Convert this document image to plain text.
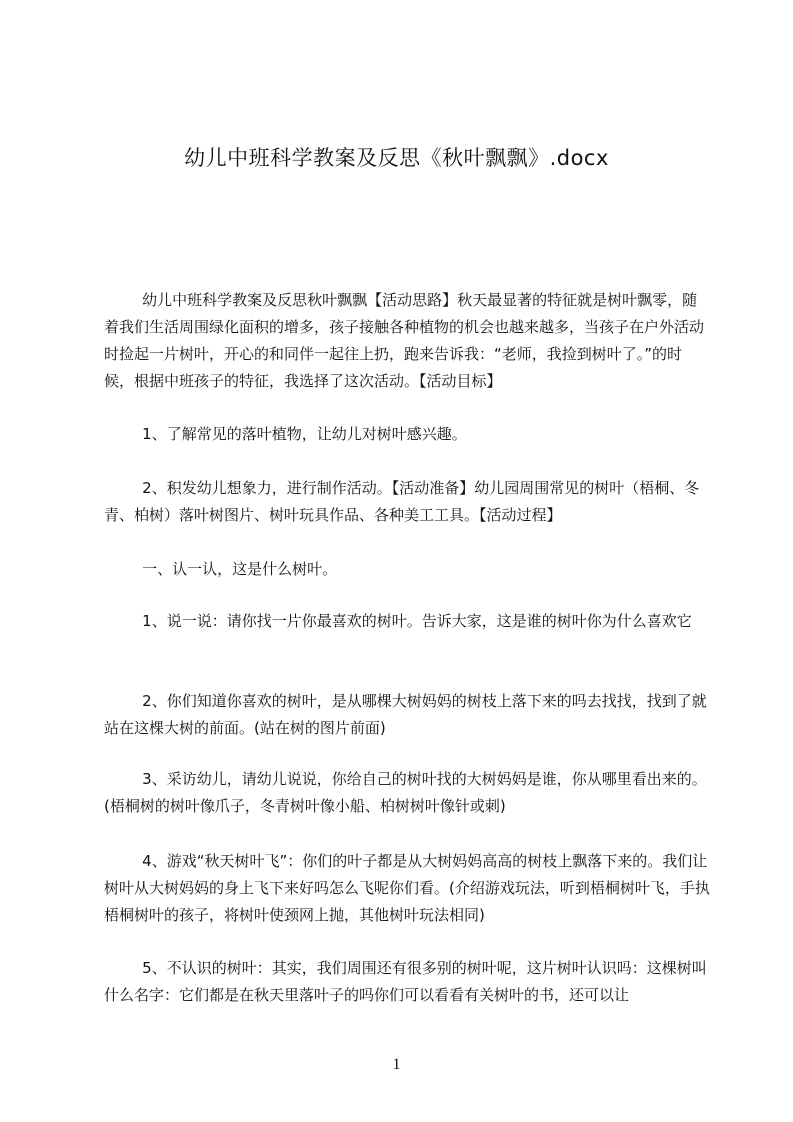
幼儿中班科学教案及反思《秋叶飘飘》.docx

幼儿中班科学教案及反思秋叶飘飘【活动思路】秋天最显著的特征就是树叶飘零，随着我们生活周围绿化面积的增多，孩子接触各种植物的机会也越来越多，当孩子在户外活动时捡起一片树叶，开心的和同伴一起往上扔，跑来告诉我：“老师，我捡到树叶了。”的时候，根据中班孩子的特征，我选择了这次活动。【活动目标】

1、了解常见的落叶植物，让幼儿对树叶感兴趣。

2、积发幼儿想象力，进行制作活动。【活动准备】幼儿园周围常见的树叶（梧桐、冬青、柏树）落叶树图片、树叶玩具作品、各种美工工具。【活动过程】

一、认一认，这是什么树叶。

1、说一说：请你找一片你最喜欢的树叶。告诉大家，这是谁的树叶你为什么喜欢它

2、你们知道你喜欢的树叶，是从哪棵大树妈妈的树枝上落下来的吗去找找，找到了就站在这棵大树的前面。(站在树的图片前面)

3、采访幼儿，请幼儿说说，你给自己的树叶找的大树妈妈是谁，你从哪里看出来的。(梧桐树的树叶像爪子，冬青树叶像小船、柏树树叶像针或刺)

4、游戏“秋天树叶飞”：你们的叶子都是从大树妈妈高高的树枝上飘落下来的。我们让树叶从大树妈妈的身上飞下来好吗怎么飞呢你们看。(介绍游戏玩法，听到梧桐树叶飞，手执梧桐树叶的孩子，将树叶使颈网上抛，其他树叶玩法相同)

5、不认识的树叶：其实，我们周围还有很多别的树叶呢，这片树叶认识吗：这棵树叫什么名字：它们都是在秋天里落叶子的吗你们可以看看有关树叶的书，还可以让

1
